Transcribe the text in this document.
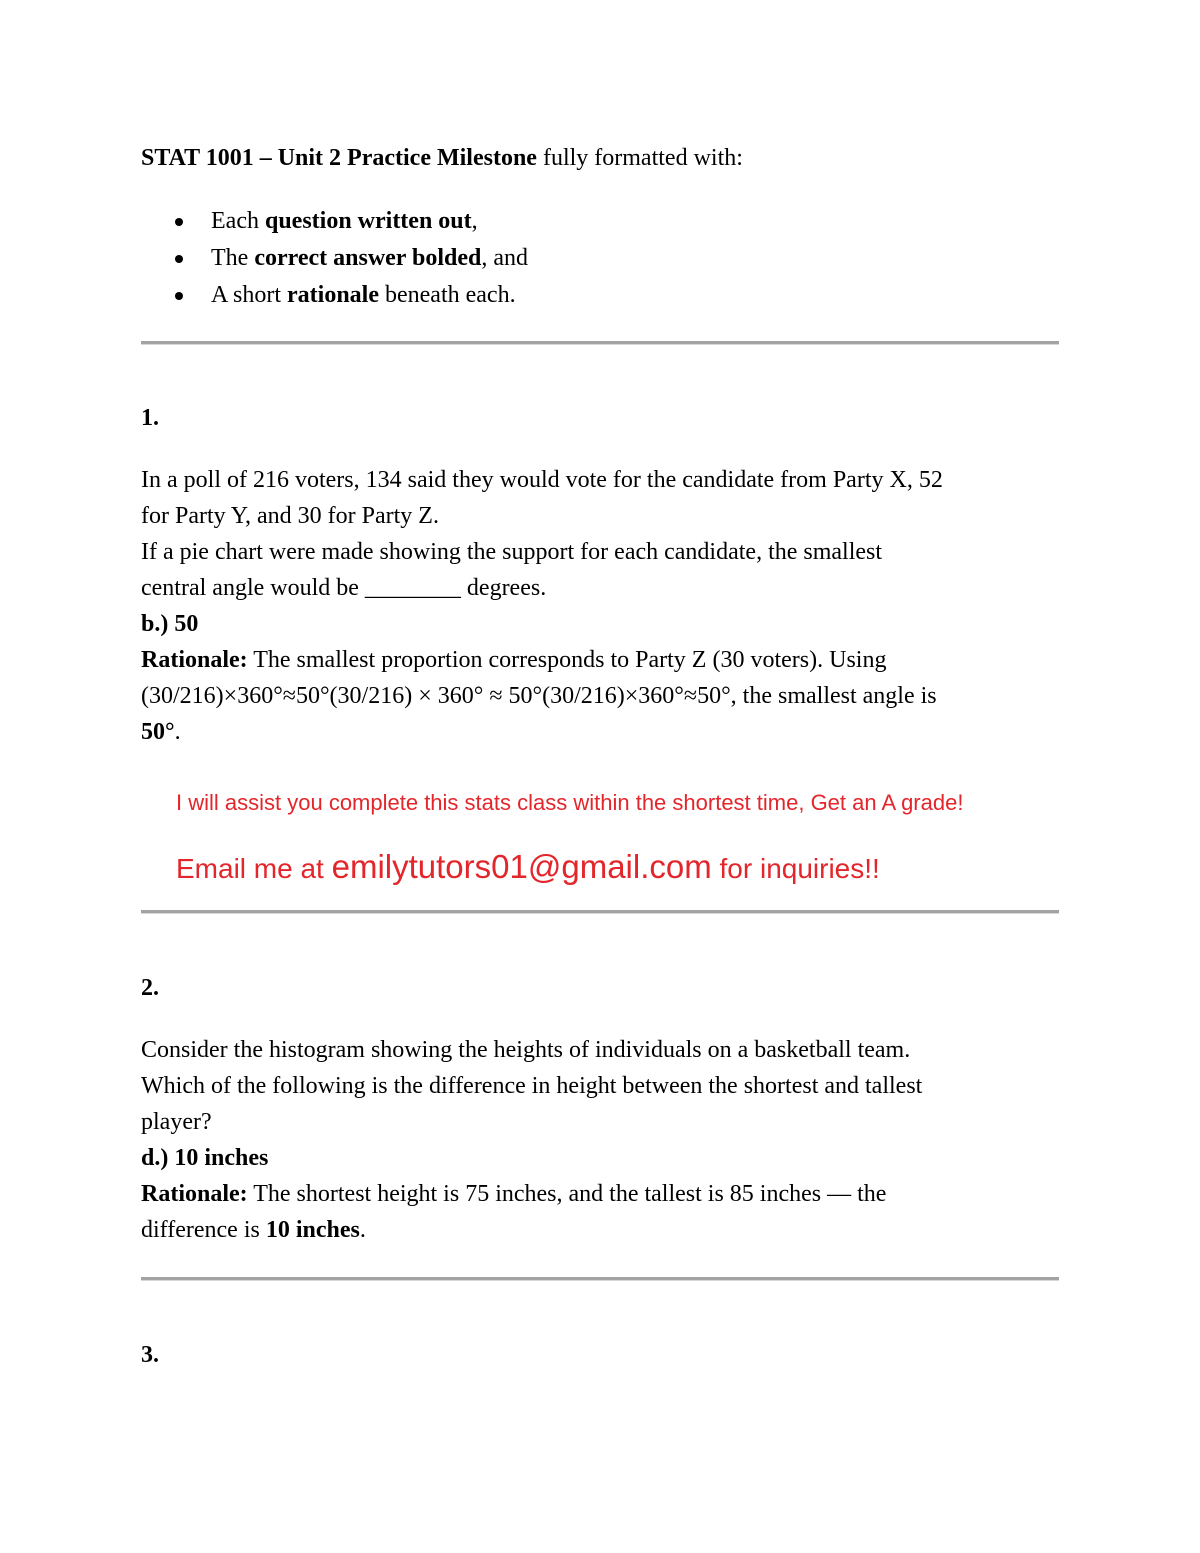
STAT 1001 – Unit 2 Practice Milestone fully formatted with:
Each question written out,
The correct answer bolded, and
A short rationale beneath each.
1.
In a poll of 216 voters, 134 said they would vote for the candidate from Party X, 52
for Party Y, and 30 for Party Z.
If a pie chart were made showing the support for each candidate, the smallest
central angle would be ________ degrees.
b.) 50
Rationale: The smallest proportion corresponds to Party Z (30 voters). Using
(30/216)×360°≈50°(30/216) × 360° ≈ 50°(30/216)×360°≈50°, the smallest angle is
50°.
I will assist you complete this stats class within the shortest time, Get an A grade!
Email me at emilytutors01@gmail.com for inquiries!!
2.
Consider the histogram showing the heights of individuals on a basketball team.
Which of the following is the difference in height between the shortest and tallest
player?
d.) 10 inches
Rationale: The shortest height is 75 inches, and the tallest is 85 inches — the
difference is 10 inches.
3.
